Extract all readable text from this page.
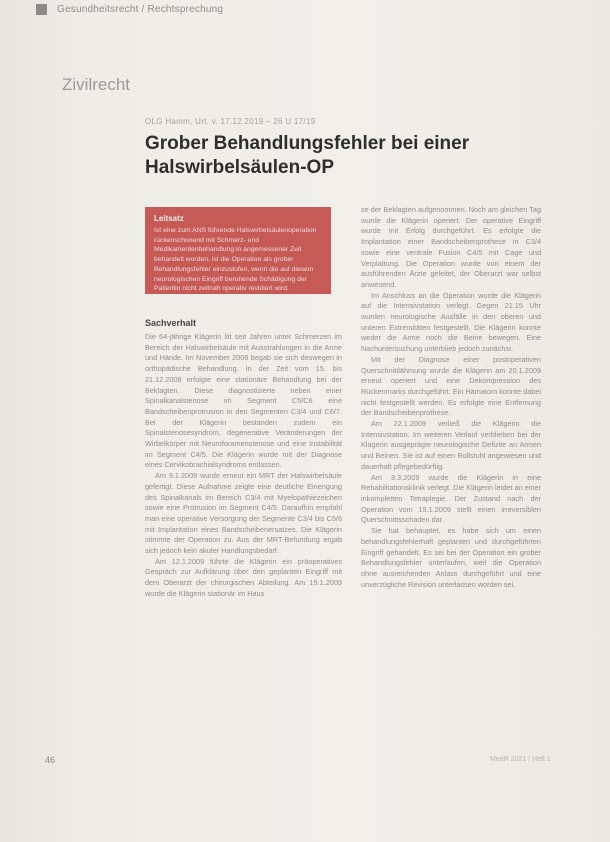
Gesundheitsrecht / Rechtsprechung
Zivilrecht
OLG Hamm, Urt. v. 17.12.2019 – 26 U 17/19
Grober Behandlungsfehler bei einer Halswirbelsäulen-OP
Leitsatz
Ist eine zum ANS führende Halswirbelsäulenoperation rückenschonend mit Schmerz- und Medikamentenbehandlung in angemessener Zeit behandelt worden, ist die Operation als grober Behandlungsfehler einzustufen, wenn die auf diesem neurologischen Eingriff beruhende Schädigung der Patientin nicht zeitnah operativ revidiert wird.
Sachverhalt

Die 64-jährige Klägerin litt seit Jahren unter Schmerzen im Bereich der Halswirbelsäule mit Ausstrahlungen in die Arme und Hände. Im November 2008 begab sie sich deswegen in orthopädische Behandlung. In der Zeit vom 15. bis 21.12.2008 erfolgte eine stationäre Behandlung bei der Beklagten. Diese diagnostizierte neben einer Spinalkanalstenose im Segment C5/C6 eine Bandscheibenprotrusion in den Segmenten C3/4 und C6/7. Bei der Klägerin bestanden zudem ein Spinalstenosesyndrom, degenerative Veränderungen der Wirbelkörper mit Neuroforamenstenose und eine Instabilität im Segment C4/5. Die Klägerin wurde mit der Diagnose eines Cervikobrachialsyndroms entlassen.

Am 9.1.2009 wurde erneut ein MRT der Halswirbelsäule gefertigt. Diese Aufnahme zeigte eine deutliche Einengung des Spinalkanals im Bereich C3/4 mit Myelopathiezeichen sowie eine Protrusion im Segment C4/5. Daraufhin empfahl man eine operative Versorgung der Segmente C3/4 bis C5/6 mit Implantation eines Bandscheibenersatzes. Die Klägerin stimmte der Operation zu. Aus der MRT-Befundung ergab sich jedoch kein akuter Handlungsbedarf.

Am 12.1.2009 führte die Klägerin ein präoperatives Gespräch zur Aufklärung über den geplanten Eingriff mit dem Oberarzt der chirurgischen Abteilung. Am 19.1.2009 wurde die Klägerin stationär im Haus

se der Beklagten aufgenommen. Noch am gleichen Tag wurde die Klägerin operiert. Der operative Eingriff wurde mit Erfolg durchgeführt. Es erfolgte die Implantation einer Bandscheibenprothese in C3/4 sowie eine ventrale Fusion C4/5 mit Cage und Verplattung. Die Operation wurde von einem der ausführenden Ärzte geleitet, der Oberarzt war selbst anwesend.

Im Anschluss an die Operation wurde die Klägerin auf die Intensivstation verlegt. Gegen 21.15 Uhr wurden neurologische Ausfälle in den oberen und unteren Extremitäten festgestellt. Die Klägerin konnte weder die Arme noch die Beine bewegen. Eine Nachuntersuchung unterblieb jedoch zunächst.

Mit der Diagnose einer postoperativen Querschnittlähmung wurde die Klägerin am 20.1.2009 erneut operiert und eine Dekompression des Rückenmarks durchgeführt. Ein Hämatom konnte dabei nicht festgestellt werden. Es erfolgte eine Entfernung der Bandscheibenprothese.

Am 22.1.2009 verließ die Klägerin die Intensivstation. Im weiteren Verlauf verblieben bei der Klägerin ausgeprägte neurologische Defizite an Armen und Beinen. Sie ist auf einen Rollstuhl angewiesen und dauerhaft pflegebedürftig.

Am 8.3.2009 wurde die Klägerin in eine Rehabilitationsklinik verlegt. Die Klägerin leidet an einer inkompletten Tetraplegie. Der Zustand nach der Operation vom 19.1.2009 stellt einen irreversiblen Querschnittsschaden dar.

Sie hat behauptet, es habe sich um einen behandlungsfehlerhaft geplanten und durchgeführten Eingriff gehandelt. Es sei bei der Operation ein grober Behandlungsfehler unterlaufen, weil die Operation ohne ausreichenden Anlass durchgeführt und eine unverzügliche Revision unterlassen worden sei.

46	MedR 2021 / Heft 1
